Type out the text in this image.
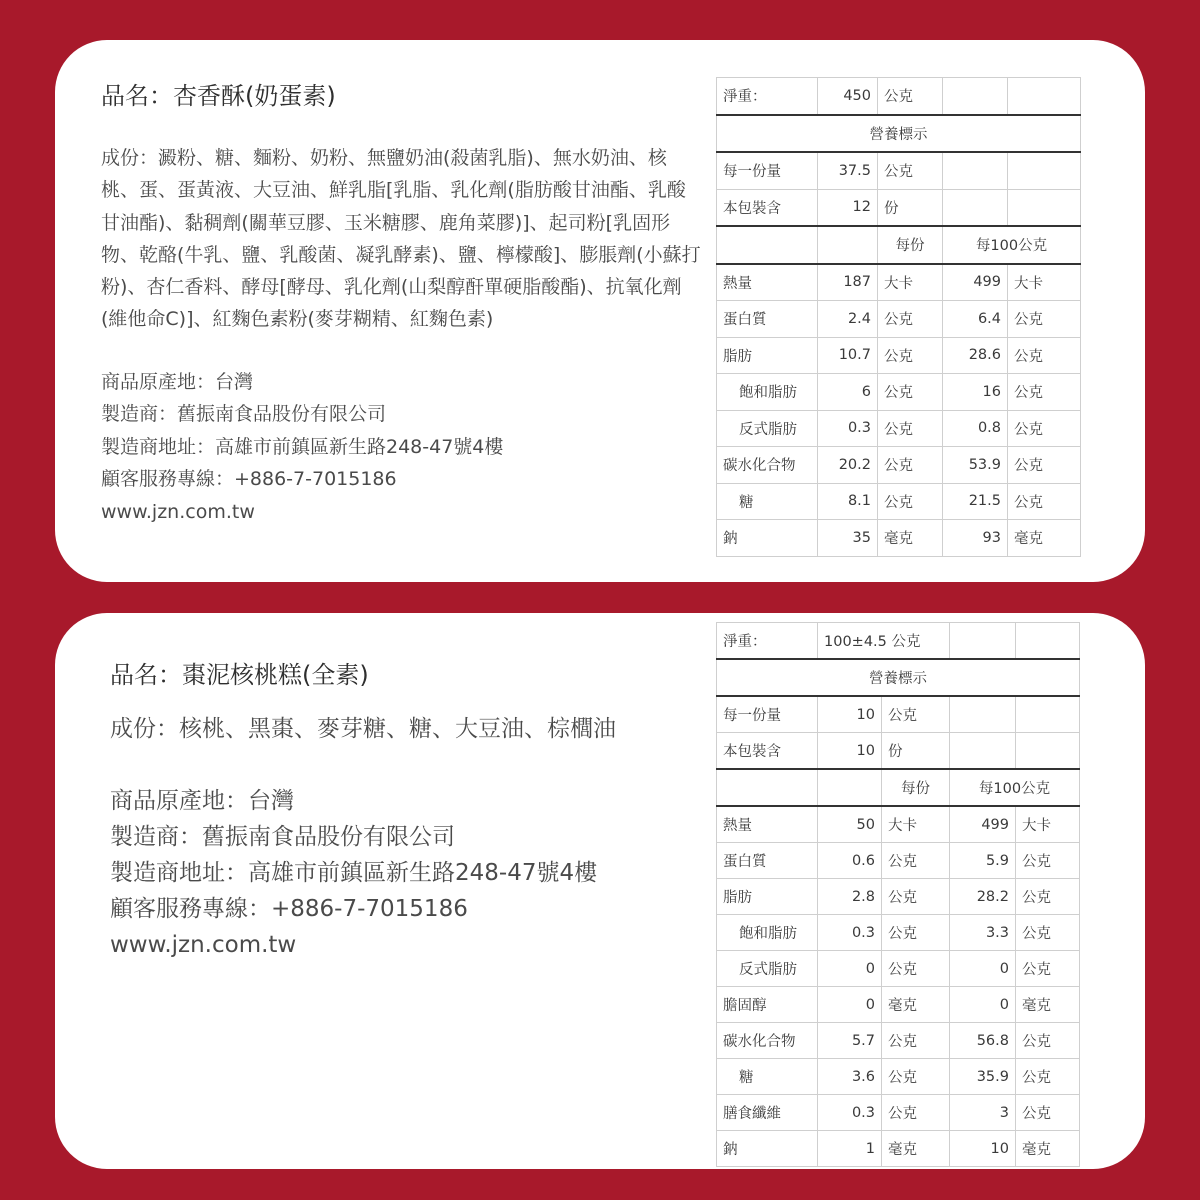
品名：杏香酥(奶蛋素)
成份：澱粉、糖、麵粉、奶粉、無鹽奶油(殺菌乳脂)、無水奶油、核桃、蛋、蛋黃液、大豆油、鮮乳脂[乳脂、乳化劑(脂肪酸甘油酯、乳酸甘油酯)、黏稠劑(關華豆膠、玉米糖膠、鹿角菜膠)]、起司粉[乳固形物、乾酪(牛乳、鹽、乳酸菌、凝乳酵素)、鹽、檸檬酸]、膨脹劑(小蘇打粉)、杏仁香料、酵母[酵母、乳化劑(山梨醇酐單硬脂酸酯)、抗氧化劑(維他命C)]、紅麴色素粉(麥芽糊精、紅麴色素)
商品原產地：台灣
製造商：舊振南食品股份有限公司
製造商地址：高雄市前鎮區新生路248-47號4樓
顧客服務專線：+886-7-7015186
www.jzn.com.tw
淨重：	450	公克		
營養標示				
每一份量	37.5	公克		
本包裝含	12	份		
		每份	每100公克	
熱量	187	大卡	499	大卡
蛋白質	2.4	公克	6.4	公克
脂肪	10.7	公克	28.6	公克
飽和脂肪	6	公克	16	公克
反式脂肪	0.3	公克	0.8	公克
碳水化合物	20.2	公克	53.9	公克
糖	8.1	公克	21.5	公克
鈉	35	毫克	93	毫克
品名：棗泥核桃糕(全素)
成份：核桃、黑棗、麥芽糖、糖、大豆油、棕櫚油
商品原產地：台灣
製造商：舊振南食品股份有限公司
製造商地址：高雄市前鎮區新生路248-47號4樓
顧客服務專線：+886-7-7015186
www.jzn.com.tw
淨重：	100±4.5 公克			
營養標示				
每一份量	10	公克		
本包裝含	10	份		
		每份	每100公克	
熱量	50	大卡	499	大卡
蛋白質	0.6	公克	5.9	公克
脂肪	2.8	公克	28.2	公克
飽和脂肪	0.3	公克	3.3	公克
反式脂肪	0	公克	0	公克
膽固醇	0	毫克	0	毫克
碳水化合物	5.7	公克	56.8	公克
糖	3.6	公克	35.9	公克
膳食纖維	0.3	公克	3	公克
鈉	1	毫克	10	毫克
